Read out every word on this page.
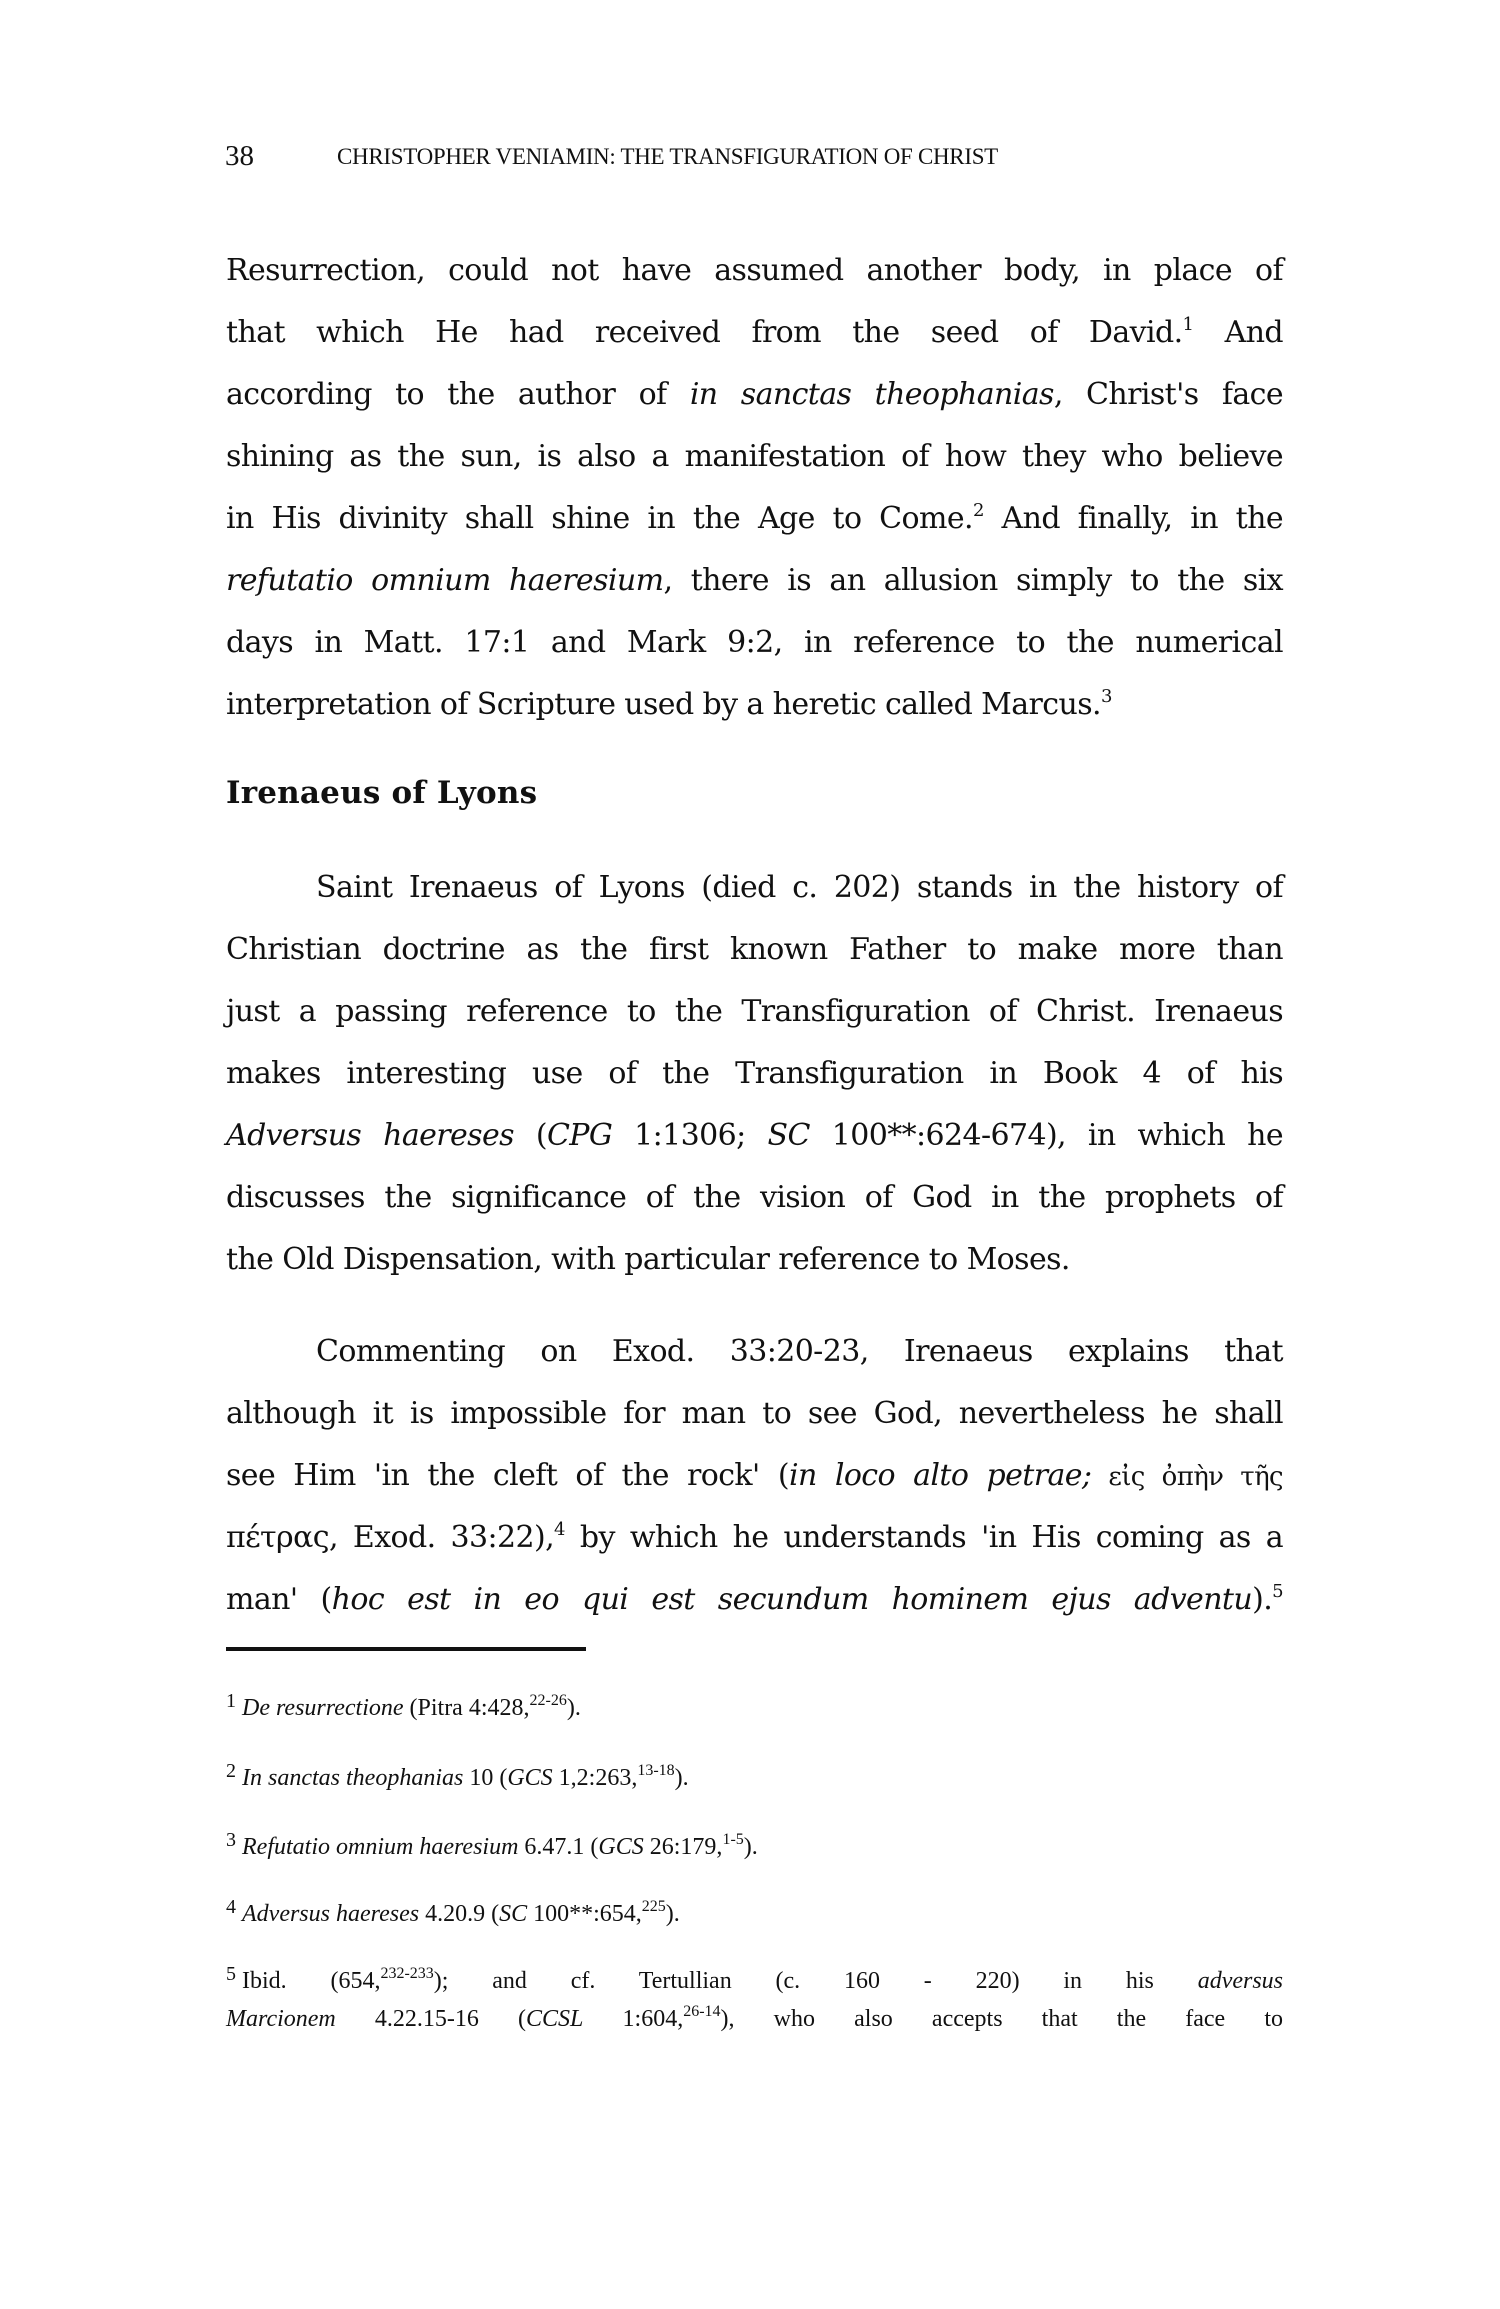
38	CHRISTOPHER VENIAMIN: THE TRANSFIGURATION OF CHRIST
Resurrection, could not have assumed another body, in place of
that which He had received from the seed of David.$^1$ And
according to the author of in sanctas theophanias, Christ's face
shining as the sun, is also a manifestation of how they who believe
in His divinity shall shine in the Age to Come.$^2$ And finally, in the
refutatio omnium haeresium, there is an allusion simply to the six
days in Matt. 17:1 and Mark 9:2, in reference to the numerical
interpretation of Scripture used by a heretic called Marcus.$^3$
Irenaeus of Lyons
Saint Irenaeus of Lyons (died c. 202) stands in the history of
Christian doctrine as the first known Father to make more than
just a passing reference to the Transfiguration of Christ. Irenaeus
makes interesting use of the Transfiguration in Book 4 of his
Adversus haereses (CPG 1:1306; SC 100**:624-674), in which he
discusses the significance of the vision of God in the prophets of
the Old Dispensation, with particular reference to Moses.
Commenting on Exod. 33:20-23, Irenaeus explains that
although it is impossible for man to see God, nevertheless he shall
see Him 'in the cleft of the rock' (in loco alto petrae; εἰς ὀπὴν τῆς
πέτρας, Exod. 33:22),$^4$ by which he understands 'in His coming as a
man' (hoc est in eo qui est secundum hominem ejus adventu).$^5$
$^1$ De resurrectione (Pitra 4:428,$^{22-26}$).
$^2$ In sanctas theophanias 10 (GCS 1,2:263,$^{13-18}$).
$^3$ Refutatio omnium haeresium 6.47.1 (GCS 26:179,$^{1-5}$).
$^4$ Adversus haereses 4.20.9 (SC 100**:654,$^{225}$).
$^5$ Ibid. (654,$^{232-233}$); and cf. Tertullian (c. 160 - 220) in his adversus
Marcionem 4.22.15-16 (CCSL 1:604,$^{26-14}$), who also accepts that the face to
